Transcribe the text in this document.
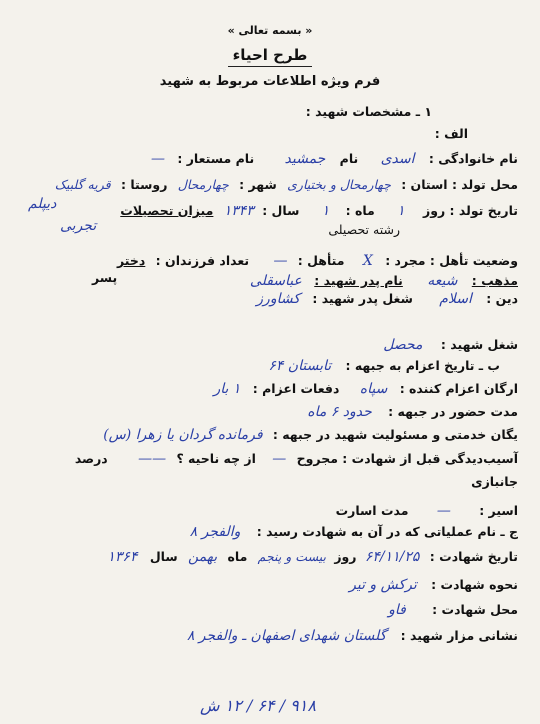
« بسمه تعالی »
طرح احیاء
فرم ویژه اطلاعات مربوط به شهید
۱ ـ مشخصات شهید :
الف :
نام خانوادگی : اسدی نام جمشید نام مستعار : —
محل تولد : استان : چهارمحال و بختیاری شهر : چهارمحال روستا : قریه گلبیک
تاریخ تولد : روز ۱ ماه : ۱ سال : ۱۳۴۳ میزان تحصیلات
دیپلم
رشته تحصیلی
تجربی
وضعیت تأهل : مجرد : X متأهل : — تعداد فرزندان : دختر
پسر	مذهب : شیعه نام پدر شهید : عباسقلی
دین : اسلام شغل پدر شهید : کشاورز
شغل شهید : محصل
ب ـ تاریخ اعزام به جبهه : تابستان ۶۴
ارگان اعزام کننده : سپاه دفعات اعزام : ۱ بار
مدت حضور در جبهه : حدود ۶ ماه
یگان خدمتی و مسئولیت شهید در جبهه : فرمانده گردان یا زهرا (س)
آسیب‌دیدگی قبل از شهادت : مجروح — از چه ناحیه ؟ —— درصد
جانبازی
اسیر : — مدت اسارت
ج ـ نام عملیاتی که در آن به شهادت رسید : والفجر ۸
تاریخ شهادت : ۶۴/۱۱/۲۵ روز بیست و پنجم ماه بهمن سال ۱۳۶۴
نحوه شهادت : ترکش و تیر
محل شهادت : فاو
نشانی مزار شهید : گلستان شهدای اصفهان ـ والفجر ۸
۹۱۸ / ۶۴ / ۱۲ ش
